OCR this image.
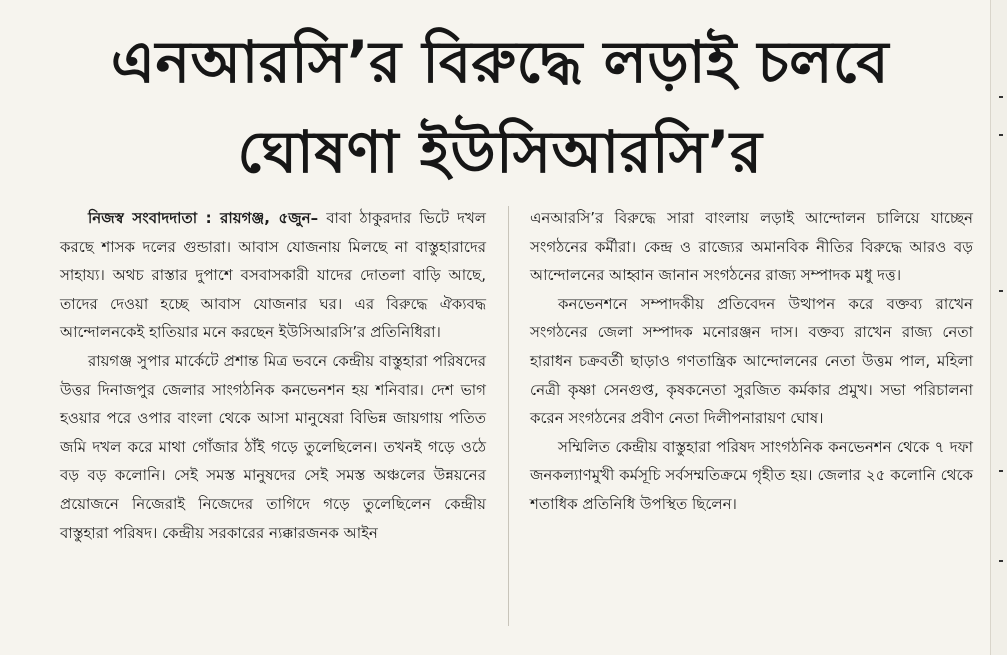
এনআরসি’র বিরুদ্ধে লড়াই চলবে
ঘোষণা ইউসিআরসি’র

নিজস্ব সংবাদদাতা : রায়গঞ্জ, ৫জুন– বাবা ঠাকুরদার ভিটে দখল করছে শাসক দলের গুন্ডারা। আবাস যোজনায় মিলছে না বাস্তুহারাদের সাহায্য। অথচ রাস্তার দুপাশে বসবাসকারী যাদের দোতলা বাড়ি আছে, তাদের দেওয়া হচ্ছে আবাস যোজনার ঘর। এর বিরুদ্ধে ঐক্যবদ্ধ আন্দোলনকেই হাতিয়ার মনে করছেন ইউসিআরসি’র প্রতিনিধিরা।

রায়গঞ্জ সুপার মার্কেটে প্রশান্ত মিত্র ভবনে কেন্দ্রীয় বাস্তুহারা পরিষদের উত্তর দিনাজপুর জেলার সাংগঠনিক কনভেনশন হয় শনিবার। দেশ ভাগ হওয়ার পরে ওপার বাংলা থেকে আসা মানুষেরা বিভিন্ন জায়গায় পতিত জমি দখল করে মাথা গোঁজার ঠাঁই গড়ে তুলেছিলেন। তখনই গড়ে ওঠে বড় বড় কলোনি। সেই সমস্ত মানুষদের সেই সমস্ত অঞ্চলের উন্নয়নের প্রয়োজনে নিজেরাই নিজেদের তাগিদে গড়ে তুলেছিলেন কেন্দ্রীয় বাস্তুহারা পরিষদ। কেন্দ্রীয় সরকারের ন্যক্কারজনক আইন

এনআরসি’র বিরুদ্ধে সারা বাংলায় লড়াই আন্দোলন চালিয়ে যাচ্ছেন সংগঠনের কর্মীরা। কেন্দ্র ও রাজ্যের অমানবিক নীতির বিরুদ্ধে আরও বড় আন্দোলনের আহ্বান জানান সংগঠনের রাজ্য সম্পাদক মধু দত্ত।

কনভেনশনে সম্পাদকীয় প্রতিবেদন উত্থাপন করে বক্তব্য রাখেন সংগঠনের জেলা সম্পাদক মনোরঞ্জন দাস। বক্তব্য রাখেন রাজ্য নেতা হারাধন চক্রবর্তী ছাড়াও গণতান্ত্রিক আন্দোলনের নেতা উত্তম পাল, মহিলা নেত্রী কৃষ্ণা সেনগুপ্ত, কৃষকনেতা সুরজিত কর্মকার প্রমুখ। সভা পরিচালনা করেন সংগঠনের প্রবীণ নেতা দিলীপনারায়ণ ঘোষ।

সম্মিলিত কেন্দ্রীয় বাস্তুহারা পরিষদ সাংগঠনিক কনভেনশন থেকে ৭ দফা জনকল্যাণমুখী কর্মসূচি সর্বসম্মতিক্রমে গৃহীত হয়। জেলার ২৫ কলোনি থেকে শতাধিক প্রতিনিধি উপস্থিত ছিলেন।
